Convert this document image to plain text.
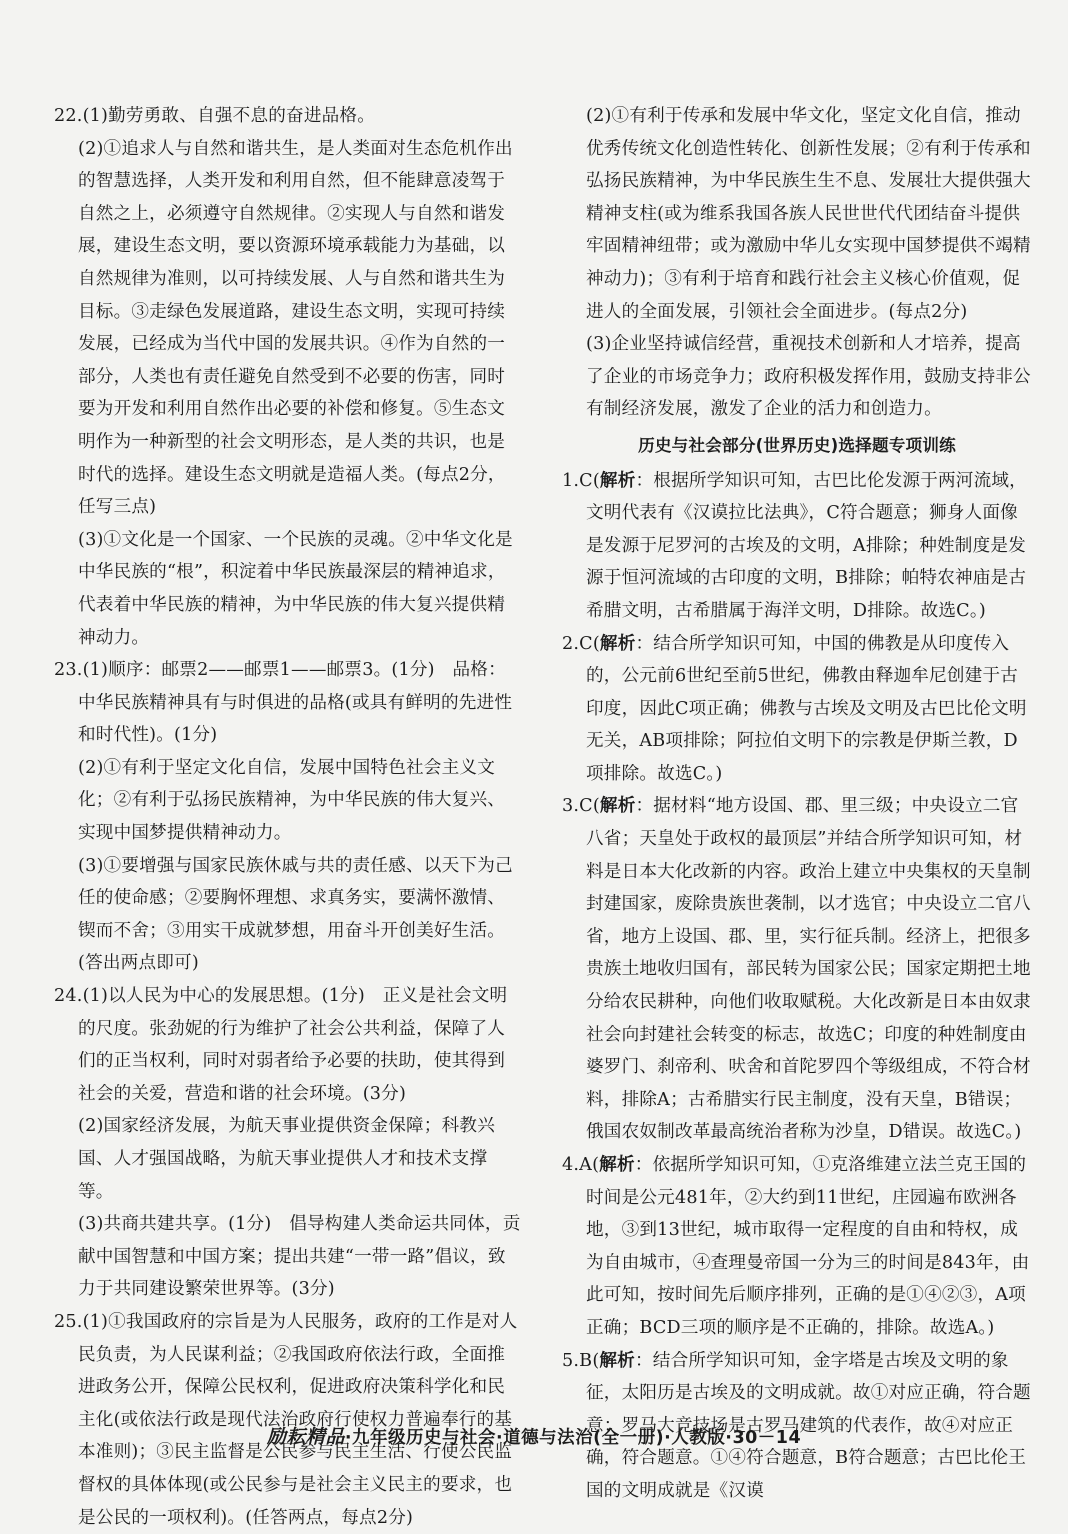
22.(1)勤劳勇敢、自强不息的奋进品格。

(2)①追求人与自然和谐共生，是人类面对生态危机作出的智慧选择，人类开发和利用自然，但不能肆意凌驾于自然之上，必须遵守自然规律。②实现人与自然和谐发展，建设生态文明，要以资源环境承载能力为基础，以自然规律为准则，以可持续发展、人与自然和谐共生为目标。③走绿色发展道路，建设生态文明，实现可持续发展，已经成为当代中国的发展共识。④作为自然的一部分，人类也有责任避免自然受到不必要的伤害，同时要为开发和利用自然作出必要的补偿和修复。⑤生态文明作为一种新型的社会文明形态，是人类的共识，也是时代的选择。建设生态文明就是造福人类。(每点2分，任写三点)

(3)①文化是一个国家、一个民族的灵魂。②中华文化是中华民族的“根”，积淀着中华民族最深层的精神追求，代表着中华民族的精神，为中华民族的伟大复兴提供精神动力。

23.(1)顺序：邮票2——邮票1——邮票3。(1分)　品格：中华民族精神具有与时俱进的品格(或具有鲜明的先进性和时代性)。(1分)

(2)①有利于坚定文化自信，发展中国特色社会主义文化；②有利于弘扬民族精神，为中华民族的伟大复兴、实现中国梦提供精神动力。

(3)①要增强与国家民族休戚与共的责任感、以天下为己任的使命感；②要胸怀理想、求真务实，要满怀激情、锲而不舍；③用实干成就梦想，用奋斗开创美好生活。(答出两点即可)

24.(1)以人民为中心的发展思想。(1分)　正义是社会文明的尺度。张劲妮的行为维护了社会公共利益，保障了人们的正当权利，同时对弱者给予必要的扶助，使其得到社会的关爱，营造和谐的社会环境。(3分)

(2)国家经济发展，为航天事业提供资金保障；科教兴国、人才强国战略，为航天事业提供人才和技术支撑等。

(3)共商共建共享。(1分)　倡导构建人类命运共同体，贡献中国智慧和中国方案；提出共建“一带一路”倡议，致力于共同建设繁荣世界等。(3分)

25.(1)①我国政府的宗旨是为人民服务，政府的工作是对人民负责，为人民谋利益；②我国政府依法行政，全面推进政务公开，保障公民权利，促进政府决策科学化和民主化(或依法行政是现代法治政府行使权力普遍奉行的基本准则)；③民主监督是公民参与民主生活、行使公民监督权的具体体现(或公民参与是社会主义民主的要求，也是公民的一项权利)。(任答两点，每点2分)

(2)①有利于传承和发展中华文化，坚定文化自信，推动优秀传统文化创造性转化、创新性发展；②有利于传承和弘扬民族精神，为中华民族生生不息、发展壮大提供强大精神支柱(或为维系我国各族人民世世代代团结奋斗提供牢固精神纽带；或为激励中华儿女实现中国梦提供不竭精神动力)；③有利于培育和践行社会主义核心价值观，促进人的全面发展，引领社会全面进步。(每点2分)

(3)企业坚持诚信经营，重视技术创新和人才培养，提高了企业的市场竞争力；政府积极发挥作用，鼓励支持非公有制经济发展，激发了企业的活力和创造力。

历史与社会部分(世界历史)选择题专项训练

1.C(解析：根据所学知识可知，古巴比伦发源于两河流域，文明代表有《汉谟拉比法典》，C符合题意；狮身人面像是发源于尼罗河的古埃及的文明，A排除；种姓制度是发源于恒河流域的古印度的文明，B排除；帕特农神庙是古希腊文明，古希腊属于海洋文明，D排除。故选C。)

2.C(解析：结合所学知识可知，中国的佛教是从印度传入的，公元前6世纪至前5世纪，佛教由释迦牟尼创建于古印度，因此C项正确；佛教与古埃及文明及古巴比伦文明无关，AB项排除；阿拉伯文明下的宗教是伊斯兰教，D项排除。故选C。)

3.C(解析：据材料“地方设国、郡、里三级；中央设立二官八省；天皇处于政权的最顶层”并结合所学知识可知，材料是日本大化改新的内容。政治上建立中央集权的天皇制封建国家，废除贵族世袭制，以才选官；中央设立二官八省，地方上设国、郡、里，实行征兵制。经济上，把很多贵族土地收归国有，部民转为国家公民；国家定期把土地分给农民耕种，向他们收取赋税。大化改新是日本由奴隶社会向封建社会转变的标志，故选C；印度的种姓制度由婆罗门、刹帝利、吠舍和首陀罗四个等级组成，不符合材料，排除A；古希腊实行民主制度，没有天皇，B错误；俄国农奴制改革最高统治者称为沙皇，D错误。故选C。)

4.A(解析：依据所学知识可知，①克洛维建立法兰克王国的时间是公元481年，②大约到11世纪，庄园遍布欧洲各地，③到13世纪，城市取得一定程度的自由和特权，成为自由城市，④查理曼帝国一分为三的时间是843年，由此可知，按时间先后顺序排列，正确的是①④②③，A项正确；BCD三项的顺序是不正确的，排除。故选A。)

5.B(解析：结合所学知识可知，金字塔是古埃及文明的象征，太阳历是古埃及的文明成就。故①对应正确，符合题意；罗马大竞技场是古罗马建筑的代表作，故④对应正确，符合题意。①④符合题意，B符合题意；古巴比伦王国的文明成就是《汉谟

励耘精品·九年级历史与社会·道德与法治(全一册)·人教版·30－14
